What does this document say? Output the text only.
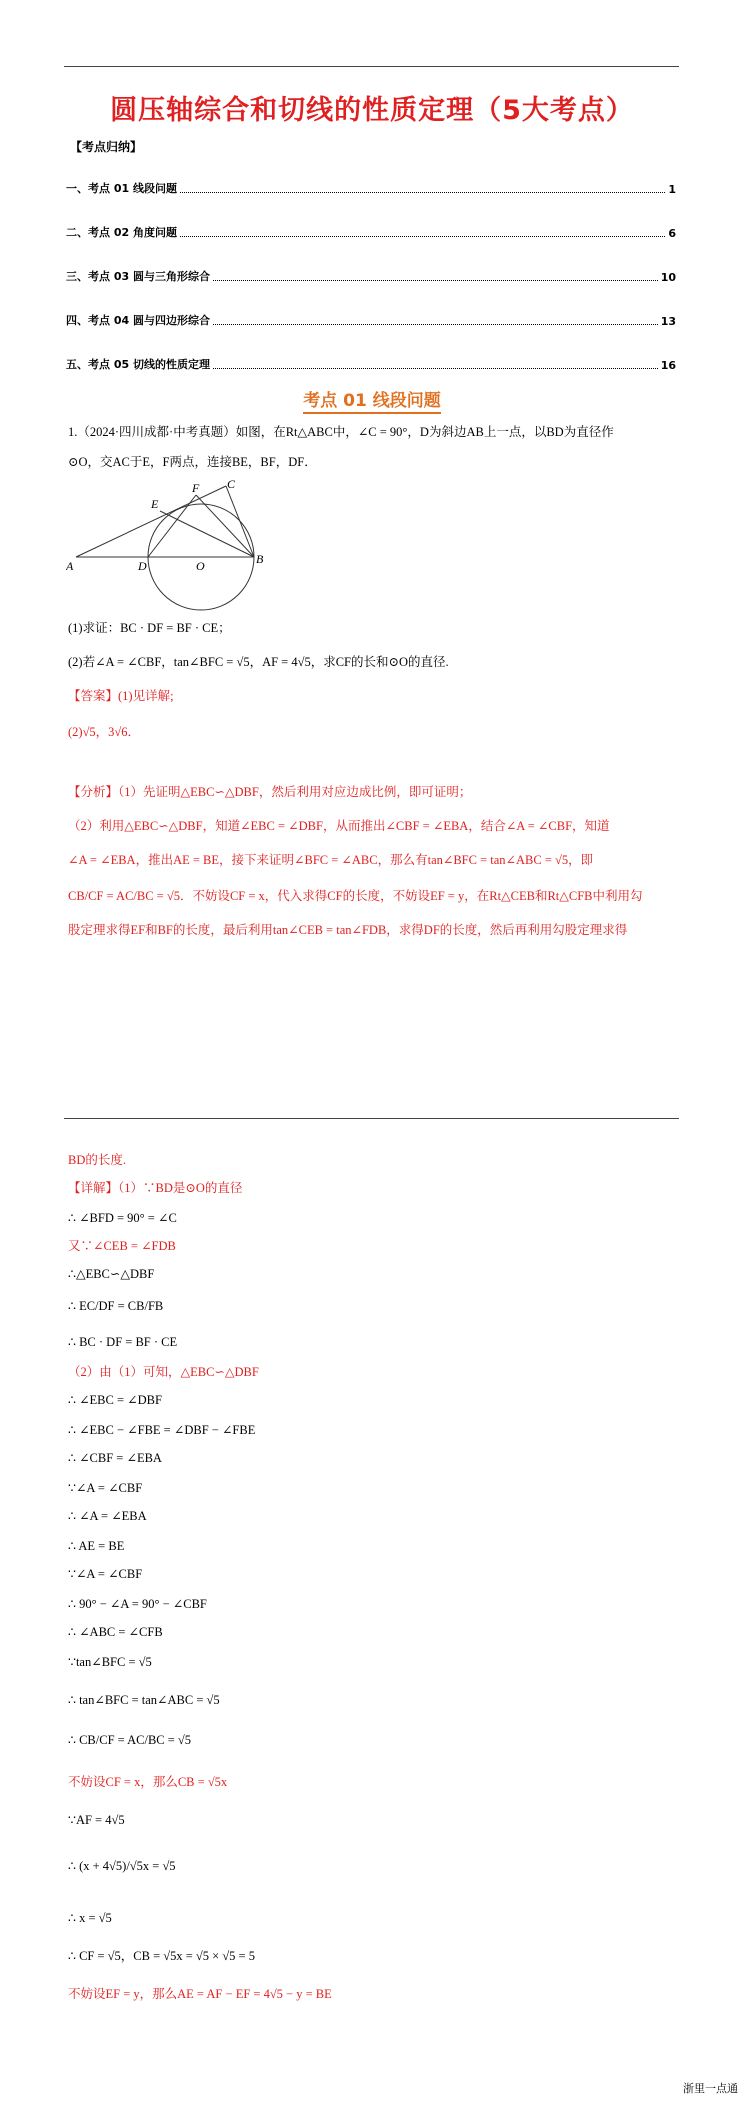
圆压轴综合和切线的性质定理（5大考点）
【考点归纳】
一、考点 01 线段问题	1
二、考点 02 角度问题	6
三、考点 03 圆与三角形综合	10
四、考点 04 圆与四边形综合	13
五、考点 05 切线的性质定理	16
考点 01 线段问题
1.（2024·四川成都·中考真题）如图，在Rt△ABC中，∠C = 90°，D为斜边AB上一点，以BD为直径作
⊙O，交AC于E，F两点，连接BE，BF，DF．
A	D	O	B
C
E
F
(1)求证：BC · DF = BF · CE；
(2)若∠A = ∠CBF，tan∠BFC = √5，AF = 4√5，求CF的长和⊙O的直径.
【答案】(1)见详解;
(2)√5，3√6．
【分析】（1）先证明△EBC∽△DBF，然后利用对应边成比例，即可证明；
（2）利用△EBC∽△DBF，知道∠EBC = ∠DBF，从而推出∠CBF = ∠EBA，结合∠A = ∠CBF，知道
∠A = ∠EBA，推出AE = BE，接下来证明∠BFC = ∠ABC，那么有tan∠BFC = tan∠ABC = √5，即
CB/CF = AC/BC = √5．不妨设CF = x，代入求得CF的长度，不妨设EF = y，在Rt△CEB和Rt△CFB中利用勾
股定理求得EF和BF的长度，最后利用tan∠CEB = tan∠FDB，求得DF的长度，然后再利用勾股定理求得
BD的长度.
【详解】（1）∵BD是⊙O的直径
∴ ∠BFD = 90° = ∠C
又∵∠CEB = ∠FDB
∴△EBC∽△DBF
∴ EC/DF = CB/FB
∴ BC · DF = BF · CE
（2）由（1）可知，△EBC∽△DBF
∴ ∠EBC = ∠DBF
∴ ∠EBC − ∠FBE = ∠DBF − ∠FBE
∴ ∠CBF = ∠EBA
∵∠A = ∠CBF
∴ ∠A = ∠EBA
∴ AE = BE
∵∠A = ∠CBF
∴ 90° − ∠A = 90° − ∠CBF
∴ ∠ABC = ∠CFB
∵tan∠BFC = √5
∴ tan∠BFC = tan∠ABC = √5
∴ CB/CF = AC/BC = √5
不妨设CF = x，那么CB = √5x
∵AF = 4√5
∴ (x + 4√5)/√5x = √5
∴ x = √5
∴ CF = √5，CB = √5x = √5 × √5 = 5
不妨设EF = y，那么AE = AF − EF = 4√5 − y = BE
浙里一点通
